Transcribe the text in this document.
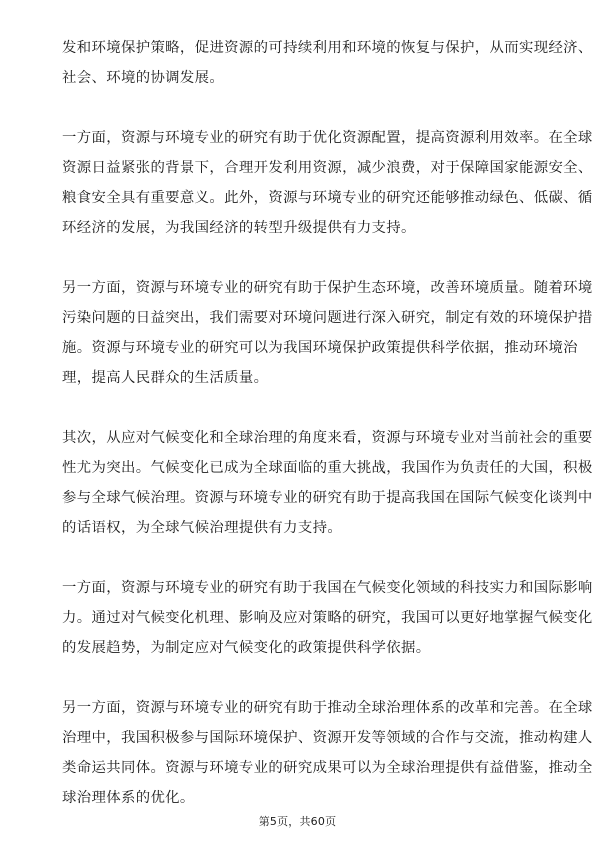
发和环境保护策略，促进资源的可持续利用和环境的恢复与保护，从而实现经济、
社会、环境的协调发展。
一方面，资源与环境专业的研究有助于优化资源配置，提高资源利用效率。在全球
资源日益紧张的背景下，合理开发利用资源，减少浪费，对于保障国家能源安全、
粮食安全具有重要意义。此外，资源与环境专业的研究还能够推动绿色、低碳、循
环经济的发展，为我国经济的转型升级提供有力支持。
另一方面，资源与环境专业的研究有助于保护生态环境，改善环境质量。随着环境
污染问题的日益突出，我们需要对环境问题进行深入研究，制定有效的环境保护措
施。资源与环境专业的研究可以为我国环境保护政策提供科学依据，推动环境治
理，提高人民群众的生活质量。
其次，从应对气候变化和全球治理的角度来看，资源与环境专业对当前社会的重要
性尤为突出。气候变化已成为全球面临的重大挑战，我国作为负责任的大国，积极
参与全球气候治理。资源与环境专业的研究有助于提高我国在国际气候变化谈判中
的话语权，为全球气候治理提供有力支持。
一方面，资源与环境专业的研究有助于我国在气候变化领域的科技实力和国际影响
力。通过对气候变化机理、影响及应对策略的研究，我国可以更好地掌握气候变化
的发展趋势，为制定应对气候变化的政策提供科学依据。
另一方面，资源与环境专业的研究有助于推动全球治理体系的改革和完善。在全球
治理中，我国积极参与国际环境保护、资源开发等领域的合作与交流，推动构建人
类命运共同体。资源与环境专业的研究成果可以为全球治理提供有益借鉴，推动全
球治理体系的优化。
第5页，共60页
